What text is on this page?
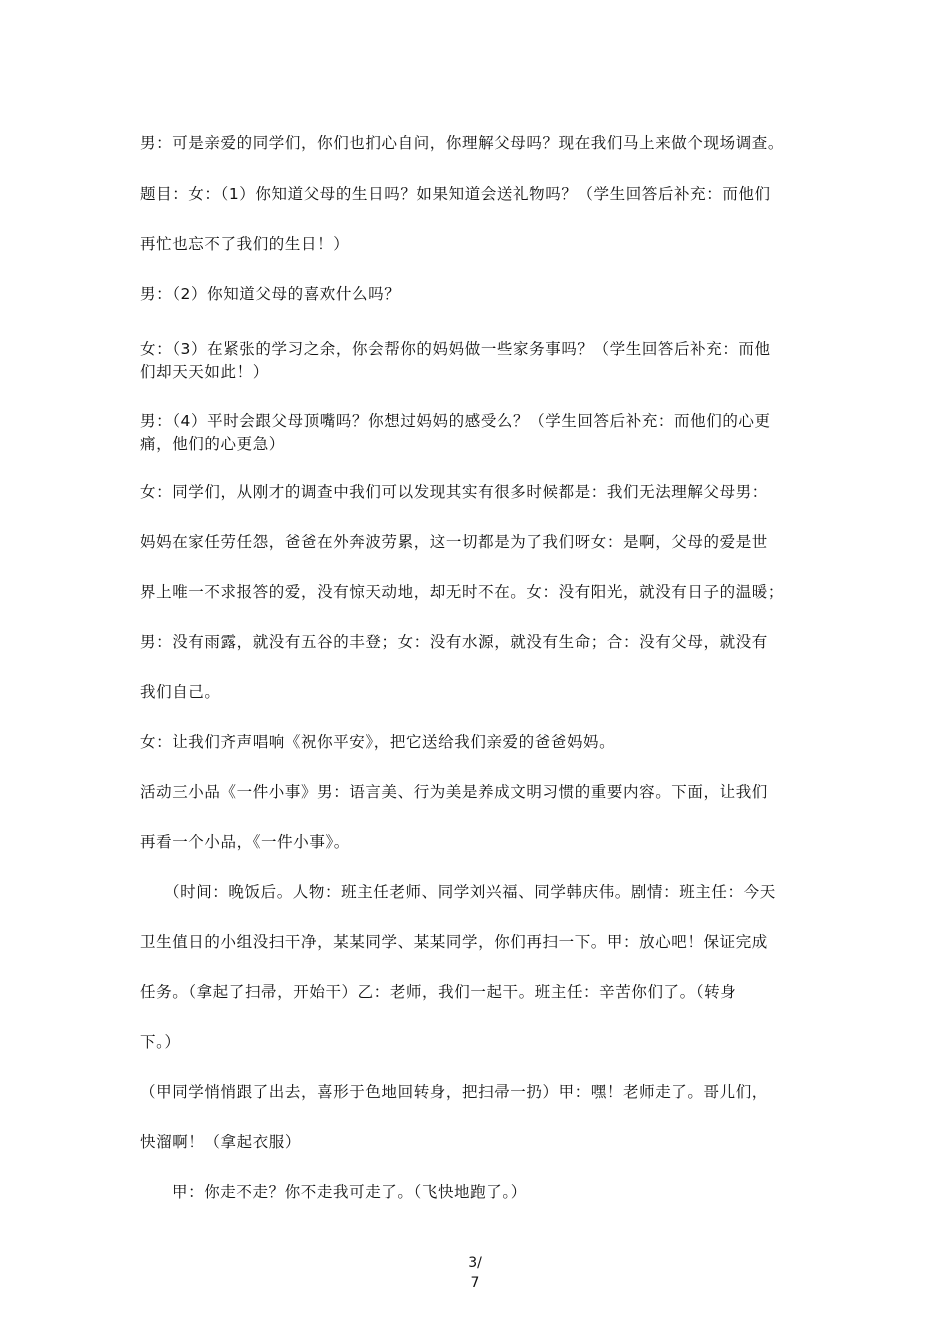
男：可是亲爱的同学们，你们也扪心自问，你理解父母吗？现在我们马上来做个现场调查。
题目：女：（1）你知道父母的生日吗？如果知道会送礼物吗？（学生回答后补充：而他们
再忙也忘不了我们的生日！）
男：（2）你知道父母的喜欢什么吗？
女：（3）在紧张的学习之余，你会帮你的妈妈做一些家务事吗？（学生回答后补充：而他
们却天天如此！）
男：（4）平时会跟父母顶嘴吗？你想过妈妈的感受么？（学生回答后补充：而他们的心更
痛，他们的心更急）
女：同学们，从刚才的调查中我们可以发现其实有很多时候都是：我们无法理解父母男：
妈妈在家任劳任怨，爸爸在外奔波劳累，这一切都是为了我们呀女：是啊，父母的爱是世
界上唯一不求报答的爱，没有惊天动地，却无时不在。女：没有阳光，就没有日子的温暖；
男：没有雨露，就没有五谷的丰登；女：没有水源，就没有生命；合：没有父母，就没有
我们自己。
女：让我们齐声唱响《祝你平安》，把它送给我们亲爱的爸爸妈妈。
活动三小品《一件小事》男：语言美、行为美是养成文明习惯的重要内容。下面，让我们
再看一个小品，《一件小事》。
（时间：晚饭后。人物：班主任老师、同学刘兴福、同学韩庆伟。剧情：班主任：今天
卫生值日的小组没扫干净，某某同学、某某同学，你们再扫一下。甲：放心吧！保证完成
任务。（拿起了扫帚，开始干）乙：老师，我们一起干。班主任：辛苦你们了。（转身
下。）
（甲同学悄悄跟了出去，喜形于色地回转身，把扫帚一扔）甲：嘿！老师走了。哥儿们，
快溜啊！（拿起衣服）
甲：你走不走？你不走我可走了。（飞快地跑了。）
3/
7
